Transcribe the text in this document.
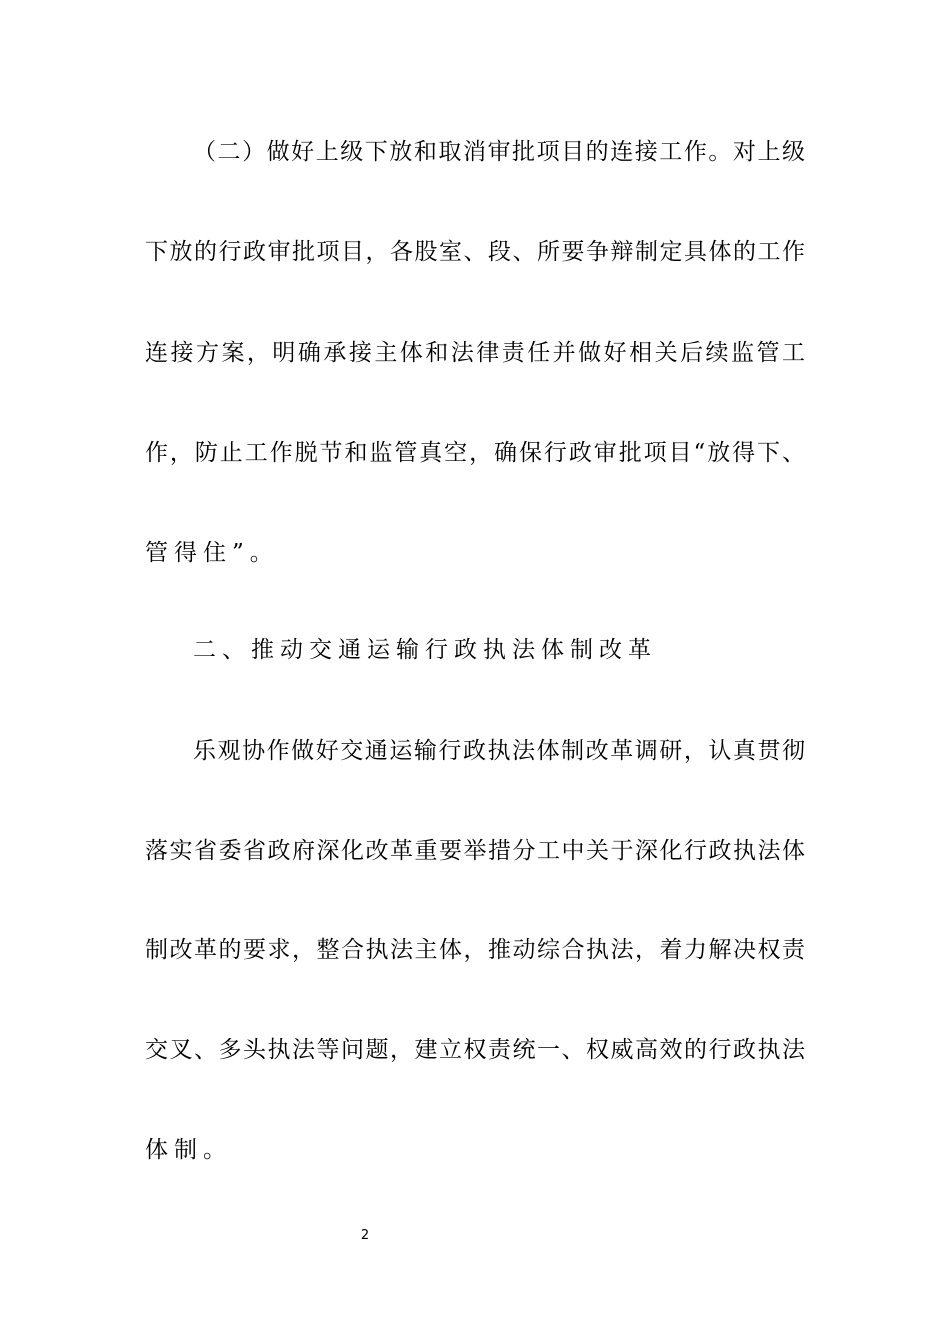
（二）做好上级下放和取消审批项目的连接工作。对上级
下放的行政审批项目，各股室、段、所要争辩制定具体的工作
连接方案，明确承接主体和法律责任并做好相关后续监管工
作，防止工作脱节和监管真空，确保行政审批项目“放得下、
管得住”。
二、推动交通运输行政执法体制改革
乐观协作做好交通运输行政执法体制改革调研，认真贯彻
落实省委省政府深化改革重要举措分工中关于深化行政执法体
制改革的要求，整合执法主体，推动综合执法，着力解决权责
交叉、多头执法等问题，建立权责统一、权威高效的行政执法
体制。
2
